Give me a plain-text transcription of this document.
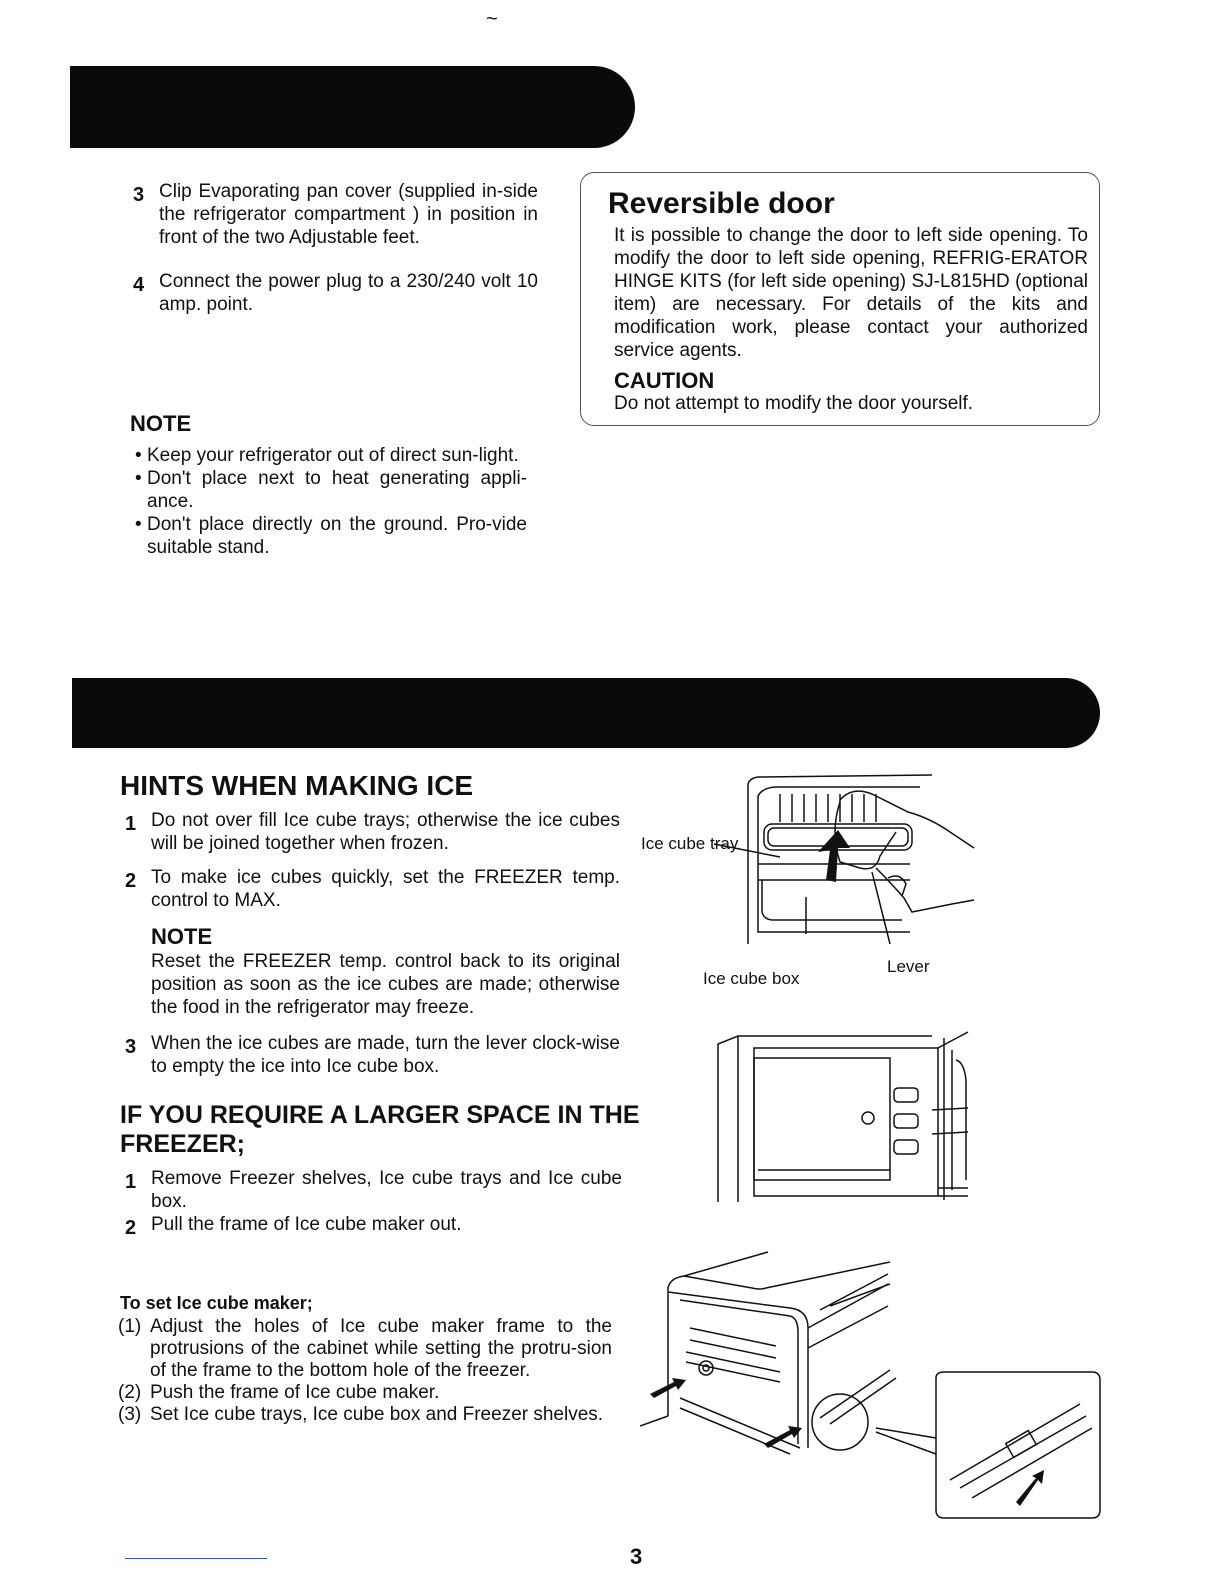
~
3 Clip Evaporating pan cover (supplied in-side the refrigerator compartment ) in position in front of the two Adjustable feet.
4 Connect the power plug to a 230/240 volt 10 amp. point.
NOTE
• Keep your refrigerator out of direct sun-light.
• Don't place next to heat generating appli-ance.
• Don't place directly on the ground. Pro-vide suitable stand.
Reversible door
It is possible to change the door to left side opening. To modify the door to left side opening, REFRIG-ERATOR HINGE KITS (for left side opening) SJ-L815HD (optional item) are necessary. For details of the kits and modification work, please contact your authorized service agents.
CAUTION
Do not attempt to modify the door yourself.
HINTS WHEN MAKING ICE
1 Do not over fill Ice cube trays; otherwise the ice cubes will be joined together when frozen.
2 To make ice cubes quickly, set the FREEZER temp. control to MAX.
NOTE
Reset the FREEZER temp. control back to its original position as soon as the ice cubes are made; otherwise the food in the refrigerator may freeze.
3 When the ice cubes are made, turn the lever clock-wise to empty the ice into Ice cube box.
IF YOU REQUIRE A LARGER SPACE IN THE FREEZER;
1 Remove Freezer shelves, Ice cube trays and Ice cube box.
2 Pull the frame of Ice cube maker out.
To set Ice cube maker;
(1) Adjust the holes of Ice cube maker frame to the protrusions of the cabinet while setting the protru-sion of the frame to the bottom hole of the freezer.
(2) Push the frame of Ice cube maker.
(3) Set Ice cube trays, Ice cube box and Freezer shelves.
Ice cube tray
Ice cube box
Lever
3
